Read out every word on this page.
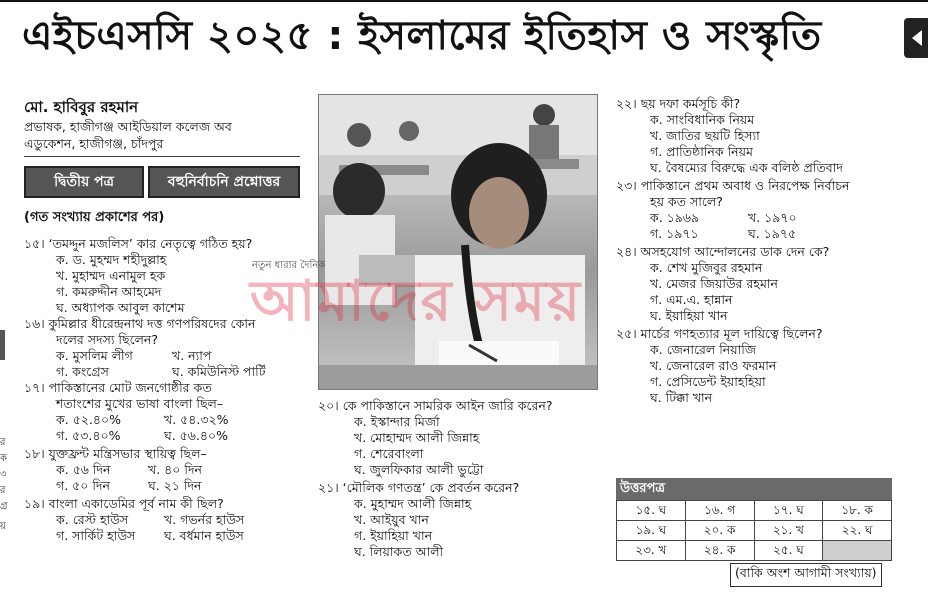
এইচএসসি ২০২৫ : ইসলামের ইতিহাস ও সংস্কৃতি
মো. হাবিবুর রহমান
প্রভাষক, হাজীগঞ্জ আইডিয়াল কলেজ অব
এডুকেশন, হাজীগঞ্জ, চাঁদপুর
দ্বিতীয় পত্র	বহুনির্বাচনি প্রশ্নোত্তর
(গত সংখ্যায় প্রকাশের পর)
র
ক
৩
র
গ্র
য়
১৫। ‘তমদ্দুন মজলিস’ কার নেতৃত্বে গঠিত হয়?
ক. ড. মুহম্মদ শহীদুল্লাহ
খ. মুহাম্মদ এনামুল হক
গ. কমরুদ্দীন আহমেদ
ঘ. অধ্যাপক আবুল কাশেম
১৬। কুমিল্লার ধীরেন্দ্রনাথ দত্ত গণপরিষদের কোন
দলের সদস্য ছিলেন?
ক. মুসলিম লীগ	খ. ন্যাপ
গ. কংগ্রেস	ঘ. কমিউনিস্ট পার্টি
১৭। পাকিস্তানের মোট জনগোষ্ঠীর কত
শতাংশের মুখের ভাষা বাংলা ছিল–
ক. ৫২.৪০%	খ. ৫৪.৩২%
গ. ৫৩.৪০%	ঘ. ৫৬.৪০%
১৮। যুক্তফ্রন্ট মন্ত্রিসভার স্থায়িত্ব ছিল–
ক. ৫৬ দিন	খ. ৪০ দিন
গ. ৫০ দিন	ঘ. ২১ দিন
১৯। বাংলা একাডেমির পূর্ব নাম কী ছিল?
ক. রেস্ট হাউস	খ. গভর্নর হাউস
গ. সার্কিট হাউস ঘ. বর্ধমান হাউস
নতুন ধারার দৈনিক
আমাদের সময়
২০। কে পাকিস্তানে সামরিক আইন জারি করেন?
ক. ইস্কান্দার মির্জা
খ. মোহাম্মদ আলী জিন্নাহ
গ. শেরেবাংলা
ঘ. জুলফিকার আলী ভুট্টো
২১। ‘মৌলিক গণতন্ত্র’ কে প্রবর্তন করেন?
ক. মুহাম্মদ আলী জিন্নাহ
খ. আইয়ুব খান
গ. ইয়াহিয়া খান
ঘ. লিয়াকত আলী
২২। ছয় দফা কর্মসূচি কী?
ক. সাংবিধানিক নিয়ম
খ. জাতির ছয়টি হিস্যা
গ. প্রাতিষ্ঠানিক নিয়ম
ঘ. বৈষম্যের বিরুদ্ধে এক বলিষ্ঠ প্রতিবাদ
২৩। পাকিস্তানে প্রথম অবাধ ও নিরপেক্ষ নির্বাচন
হয় কত সালে?
ক. ১৯৬৯	খ. ১৯৭০
গ. ১৯৭১	ঘ. ১৯৭৫
২৪। অসহযোগ আন্দোলনের ডাক দেন কে?
ক. শেখ মুজিবুর রহমান
খ. মেজর জিয়াউর রহমান
গ. এম.এ. হান্নান
ঘ. ইয়াহিয়া খান
২৫। মার্চের গণহত্যার মূল দায়িত্বে ছিলেন?
ক. জেনারেল নিয়াজি
খ. জেনারেল রাও ফরমান
গ. প্রেসিডেন্ট ইয়াহহিয়া
ঘ. টিক্কা খান
উত্তরপত্র
১৫. ঘ	১৬. গ	১৭. ঘ	১৮. ক
১৯. ঘ	২০. ক	২১. খ	২২. ঘ
২৩. খ	২৪. ক	২৫. ঘ
(বাকি অংশ আগামী সংখ্যায়)
